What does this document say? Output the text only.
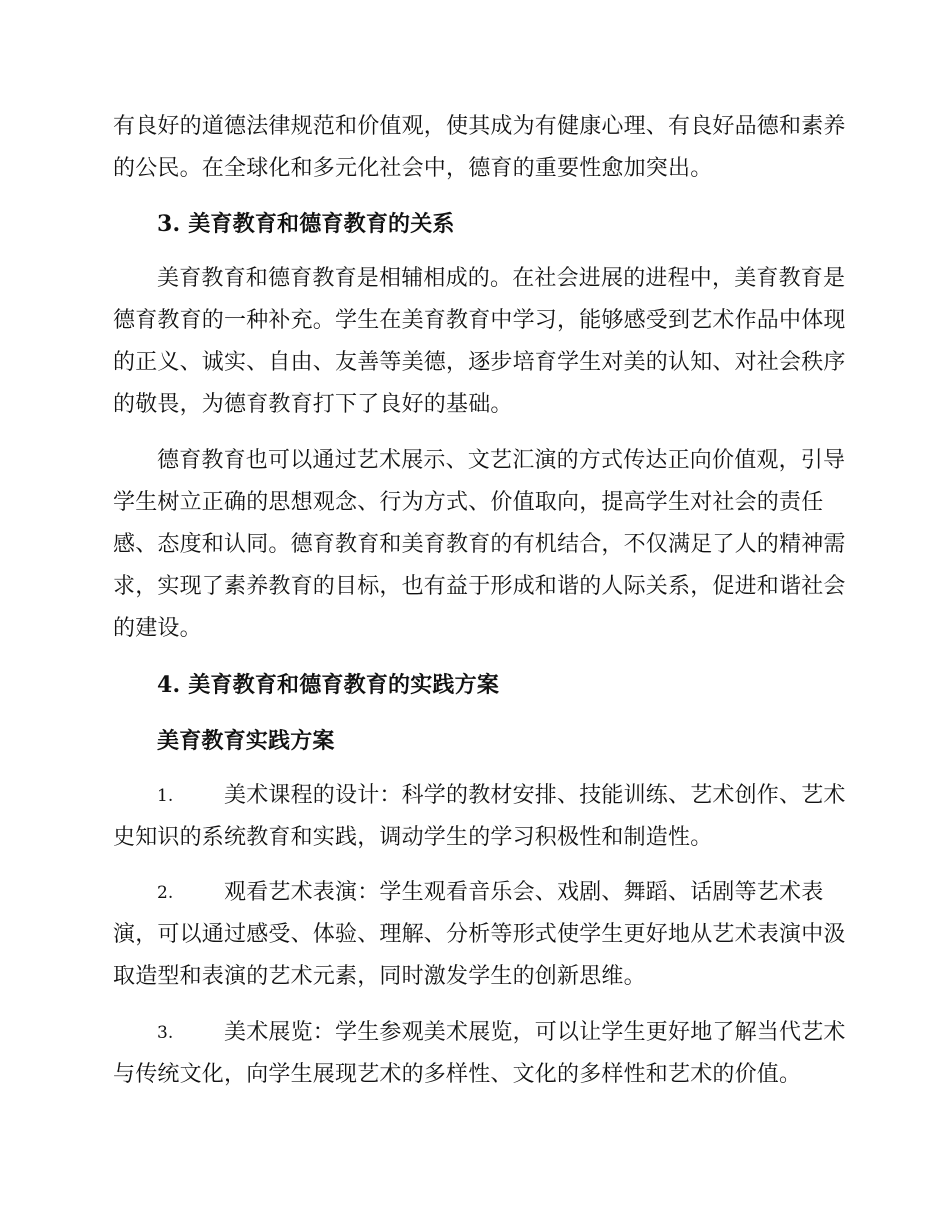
有良好的道德法律规范和价值观，使其成为有健康心理、有良好品德和素养
的公民。在全球化和多元化社会中，德育的重要性愈加突出。
3. 美育教育和德育教育的关系
美育教育和德育教育是相辅相成的。在社会进展的进程中，美育教育是
德育教育的一种补充。学生在美育教育中学习，能够感受到艺术作品中体现
的正义、诚实、自由、友善等美德，逐步培育学生对美的认知、对社会秩序
的敬畏，为德育教育打下了良好的基础。
德育教育也可以通过艺术展示、文艺汇演的方式传达正向价值观，引导
学生树立正确的思想观念、行为方式、价值取向，提高学生对社会的责任
感、态度和认同。德育教育和美育教育的有机结合，不仅满足了人的精神需
求，实现了素养教育的目标，也有益于形成和谐的人际关系，促进和谐社会
的建设。
4. 美育教育和德育教育的实践方案
美育教育实践方案
1. 美术课程的设计：科学的教材安排、技能训练、艺术创作、艺术
史知识的系统教育和实践，调动学生的学习积极性和制造性。
2. 观看艺术表演：学生观看音乐会、戏剧、舞蹈、话剧等艺术表
演，可以通过感受、体验、理解、分析等形式使学生更好地从艺术表演中汲
取造型和表演的艺术元素，同时激发学生的创新思维。
3. 美术展览：学生参观美术展览，可以让学生更好地了解当代艺术
与传统文化，向学生展现艺术的多样性、文化的多样性和艺术的价值。
